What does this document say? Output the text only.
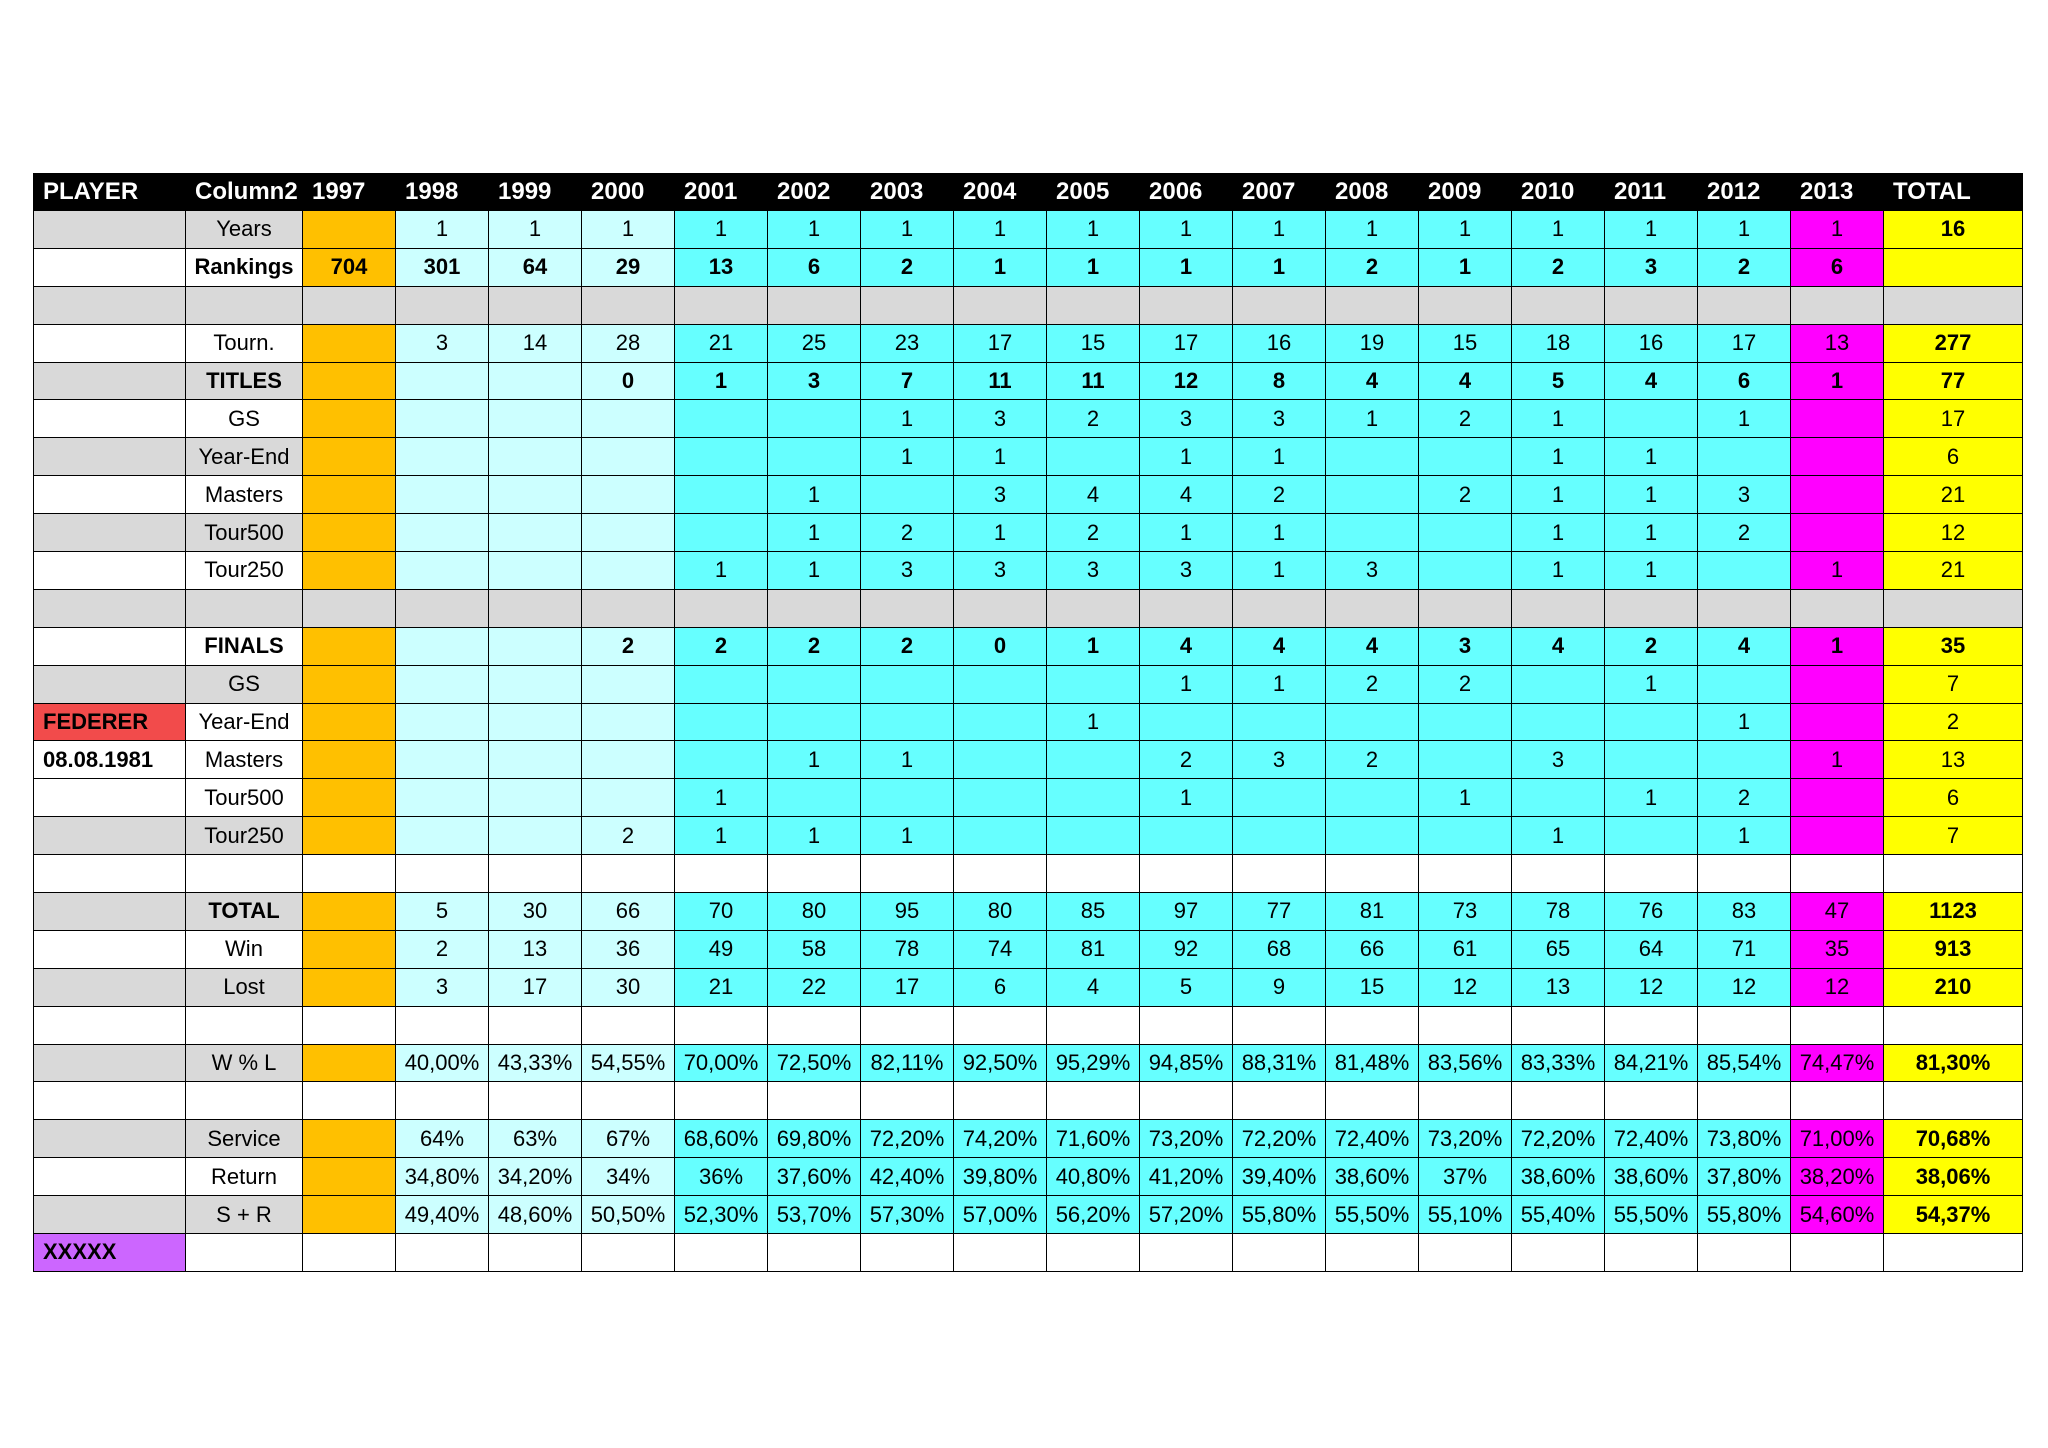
PLAYER	Column2	1997	1998	1999	2000	2001	2002	2003	2004	2005	2006	2007	2008	2009	2010	2011	2012	2013	TOTAL
	Years		1	1	1	1	1	1	1	1	1	1	1	1	1	1	1	1	16
	Rankings	704	301	64	29	13	6	2	1	1	1	1	2	1	2	3	2	6	

	Tourn.		3	14	28	21	25	23	17	15	17	16	19	15	18	16	17	13	277
	TITLES				0	1	3	7	11	11	12	8	4	4	5	4	6	1	77
	GS							1	3	2	3	3	1	2	1		1		17
	Year-End							1	1		1	1			1	1			6
	Masters						1		3	4	4	2		2	1	1	3		21
	Tour500						1	2	1	2	1	1			1	1	2		12
	Tour250					1	1	3	3	3	3	1	3		1	1		1	21

	FINALS				2	2	2	2	0	1	4	4	4	3	4	2	4	1	35
	GS										1	1	2	2		1			7
FEDERER	Year-End									1							1		2
08.08.1981	Masters						1	1			2	3	2		3			1	13
	Tour500					1					1			1		1	2		6
	Tour250				2	1	1	1							1		1		7

	TOTAL		5	30	66	70	80	95	80	85	97	77	81	73	78	76	83	47	1123
	Win		2	13	36	49	58	78	74	81	92	68	66	61	65	64	71	35	913
	Lost		3	17	30	21	22	17	6	4	5	9	15	12	13	12	12	12	210

	W % L		40,00%	43,33%	54,55%	70,00%	72,50%	82,11%	92,50%	95,29%	94,85%	88,31%	81,48%	83,56%	83,33%	84,21%	85,54%	74,47%	81,30%

	Service		64%	63%	67%	68,60%	69,80%	72,20%	74,20%	71,60%	73,20%	72,20%	72,40%	73,20%	72,20%	72,40%	73,80%	71,00%	70,68%
	Return		34,80%	34,20%	34%	36%	37,60%	42,40%	39,80%	40,80%	41,20%	39,40%	38,60%	37%	38,60%	38,60%	37,80%	38,20%	38,06%
	S + R		49,40%	48,60%	50,50%	52,30%	53,70%	57,30%	57,00%	56,20%	57,20%	55,80%	55,50%	55,10%	55,40%	55,50%	55,80%	54,60%	54,37%
XXXXX																			
